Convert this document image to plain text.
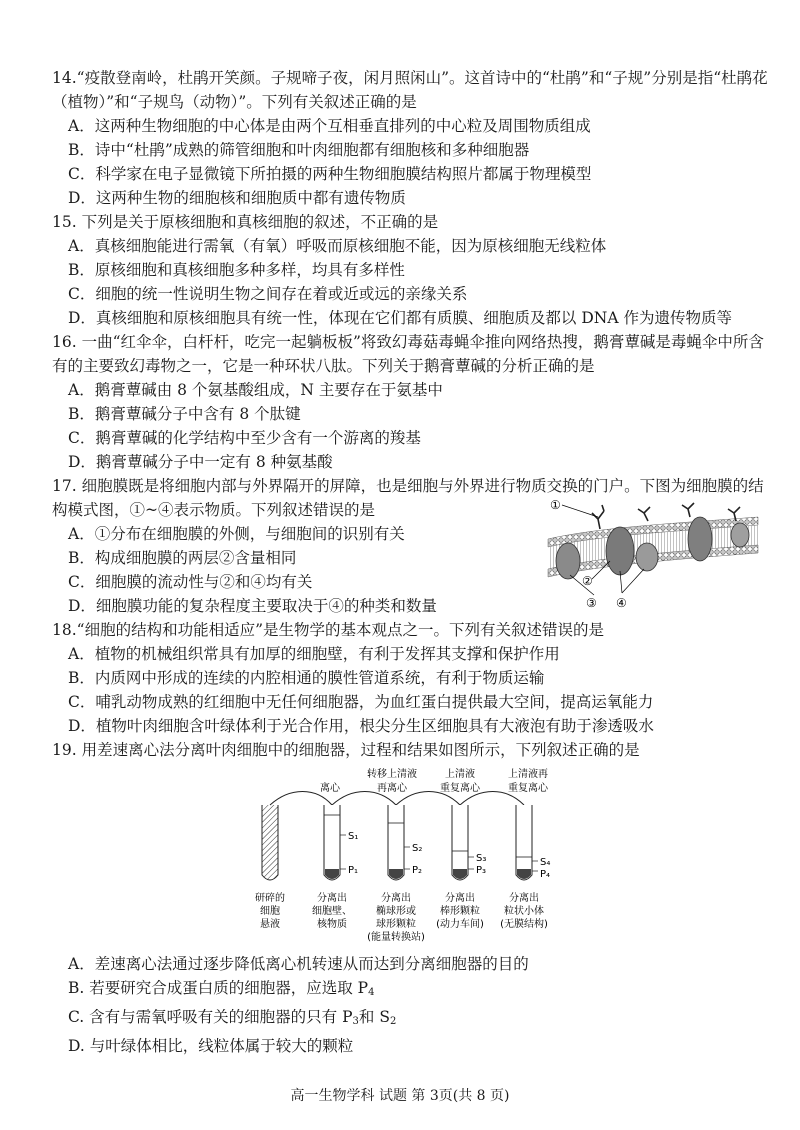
14.“疫散登南岭，杜鹃开笑颜。子规啼子夜，闲月照闲山”。这首诗中的“杜鹃”和“子规”分别是指“杜鹃花（植物）”和“子规鸟（动物）”。下列有关叙述正确的是

A．这两种生物细胞的中心体是由两个互相垂直排列的中心粒及周围物质组成

B．诗中“杜鹃”成熟的筛管细胞和叶肉细胞都有细胞核和多种细胞器

C．科学家在电子显微镜下所拍摄的两种生物细胞膜结构照片都属于物理模型

D．这两种生物的细胞核和细胞质中都有遗传物质

15. 下列是关于原核细胞和真核细胞的叙述，不正确的是

A．真核细胞能进行需氧（有氧）呼吸而原核细胞不能，因为原核细胞无线粒体

B．原核细胞和真核细胞多种多样，均具有多样性

C．细胞的统一性说明生物之间存在着或近或远的亲缘关系

D．真核细胞和原核细胞具有统一性，体现在它们都有质膜、细胞质及都以 DNA 作为遗传物质等

16. 一曲“红伞伞，白杆杆，吃完一起躺板板”将致幻毒菇毒蝇伞推向网络热搜，鹅膏蕈碱是毒蝇伞中所含有的主要致幻毒物之一，它是一种环状八肽。下列关于鹅膏蕈碱的分析正确的是

A．鹅膏蕈碱由 8 个氨基酸组成，N 主要存在于氨基中

B．鹅膏蕈碱分子中含有 8 个肽键

C．鹅膏蕈碱的化学结构中至少含有一个游离的羧基

D．鹅膏蕈碱分子中一定有 8 种氨基酸

17. 细胞膜既是将细胞内部与外界隔开的屏障，也是细胞与外界进行物质交换的门户。下图为细胞膜的结构模式图，①~④表示物质。下列叙述错误的是

A．①分布在细胞膜的外侧，与细胞间的识别有关

B．构成细胞膜的两层②含量相同

C．细胞膜的流动性与②和④均有关

D．细胞膜功能的复杂程度主要取决于④的种类和数量

①
②
③ ④

18.“细胞的结构和功能相适应”是生物学的基本观点之一。下列有关叙述错误的是

A．植物的机械组织常具有加厚的细胞壁，有利于发挥其支撑和保护作用

B．内质网中形成的连续的内腔相通的膜性管道系统，有利于物质运输

C．哺乳动物成熟的红细胞中无任何细胞器，为血红蛋白提供最大空间，提高运氧能力

D．植物叶肉细胞含叶绿体利于光合作用，根尖分生区细胞具有大液泡有助于渗透吸水

19. 用差速离心法分离叶肉细胞中的细胞器，过程和结果如图所示，下列叙述正确的是

离心
转移上清液
再离心
上清液
重复离心
上清液再
重复离心
S₁
P₁
S₂
P₂
S₃
P₃
S₄
P₄
研碎的
细胞
悬液
分离出
细胞壁、
核物质
分离出
椭球形或
球形颗粒
(能量转换站)
分离出
棒形颗粒
(动力车间)
分离出
粒状小体
(无膜结构)

A．差速离心法通过逐步降低离心机转速从而达到分离细胞器的目的

B. 若要研究合成蛋白质的细胞器，应选取 $P_4$

C. 含有与需氧呼吸有关的细胞器的只有 $P_3$和 $S_2$

D. 与叶绿体相比，线粒体属于较大的颗粒

高一生物学科 试题 第 3页(共 8 页)
